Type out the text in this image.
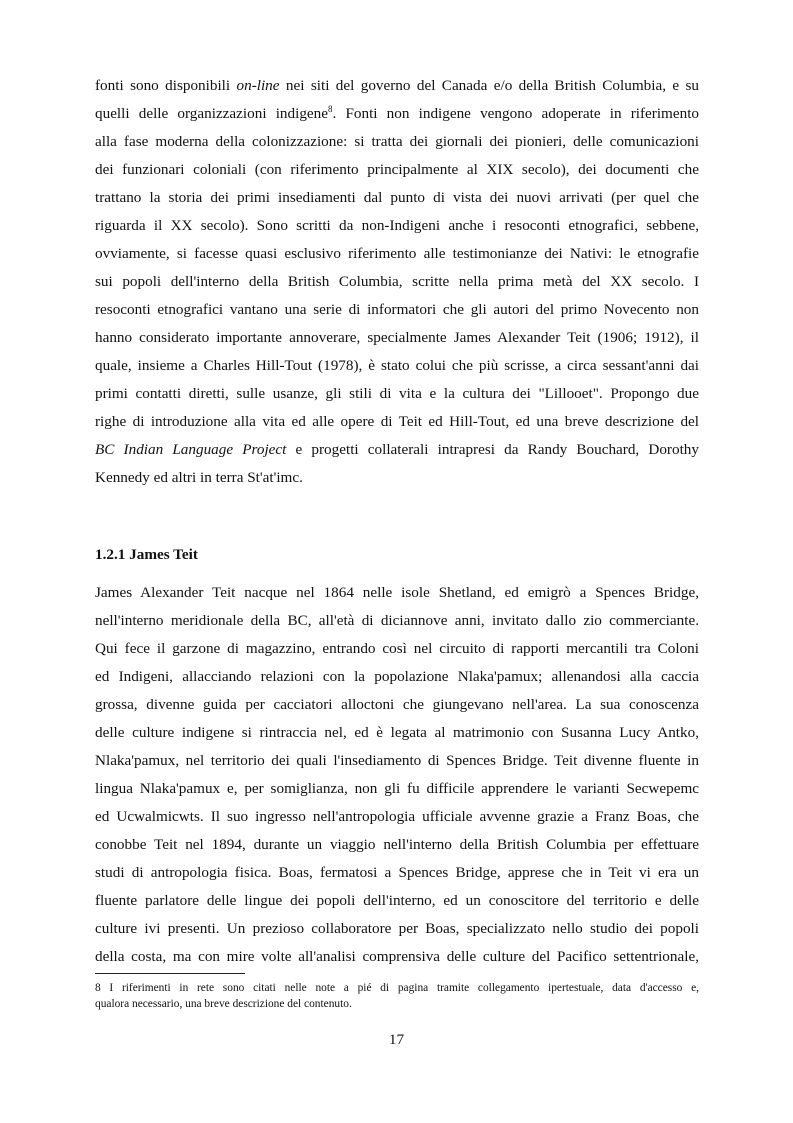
fonti sono disponibili on-line nei siti del governo del Canada e/o della British Columbia, e su
quelli delle organizzazioni indigene$^8$. Fonti non indigene vengono adoperate in riferimento
alla fase moderna della colonizzazione: si tratta dei giornali dei pionieri, delle comunicazioni
dei funzionari coloniali (con riferimento principalmente al XIX secolo), dei documenti che
trattano la storia dei primi insediamenti dal punto di vista dei nuovi arrivati (per quel che
riguarda il XX secolo). Sono scritti da non-Indigeni anche i resoconti etnografici, sebbene,
ovviamente, si facesse quasi esclusivo riferimento alle testimonianze dei Nativi: le etnografie
sui popoli dell'interno della British Columbia, scritte nella prima metà del XX secolo. I
resoconti etnografici vantano una serie di informatori che gli autori del primo Novecento non
hanno considerato importante annoverare, specialmente James Alexander Teit (1906; 1912), il
quale, insieme a Charles Hill-Tout (1978), è stato colui che più scrisse, a circa sessant'anni dai
primi contatti diretti, sulle usanze, gli stili di vita e la cultura dei "Lillooet". Propongo due
righe di introduzione alla vita ed alle opere di Teit ed Hill-Tout, ed una breve descrizione del
BC Indian Language Project e progetti collaterali intrapresi da Randy Bouchard, Dorothy
Kennedy ed altri in terra St'at'imc.
1.2.1 James Teit
James Alexander Teit nacque nel 1864 nelle isole Shetland, ed emigrò a Spences Bridge,
nell'interno meridionale della BC, all'età di diciannove anni, invitato dallo zio commerciante.
Qui fece il garzone di magazzino, entrando così nel circuito di rapporti mercantili tra Coloni
ed Indigeni, allacciando relazioni con la popolazione Nlaka'pamux; allenandosi alla caccia
grossa, divenne guida per cacciatori alloctoni che giungevano nell'area. La sua conoscenza
delle culture indigene si rintraccia nel, ed è legata al matrimonio con Susanna Lucy Antko,
Nlaka'pamux, nel territorio dei quali l'insediamento di Spences Bridge. Teit divenne fluente in
lingua Nlaka'pamux e, per somiglianza, non gli fu difficile apprendere le varianti Secwepemc
ed Ucwalmicwts. Il suo ingresso nell'antropologia ufficiale avvenne grazie a Franz Boas, che
conobbe Teit nel 1894, durante un viaggio nell'interno della British Columbia per effettuare
studi di antropologia fisica. Boas, fermatosi a Spences Bridge, apprese che in Teit vi era un
fluente parlatore delle lingue dei popoli dell'interno, ed un conoscitore del territorio e delle
culture ivi presenti. Un prezioso collaboratore per Boas, specializzato nello studio dei popoli
della costa, ma con mire volte all'analisi comprensiva delle culture del Pacifico settentrionale,
8 I riferimenti in rete sono citati nelle note a pié di pagina tramite collegamento ipertestuale, data d'accesso e,
qualora necessario, una breve descrizione del contenuto.
17
